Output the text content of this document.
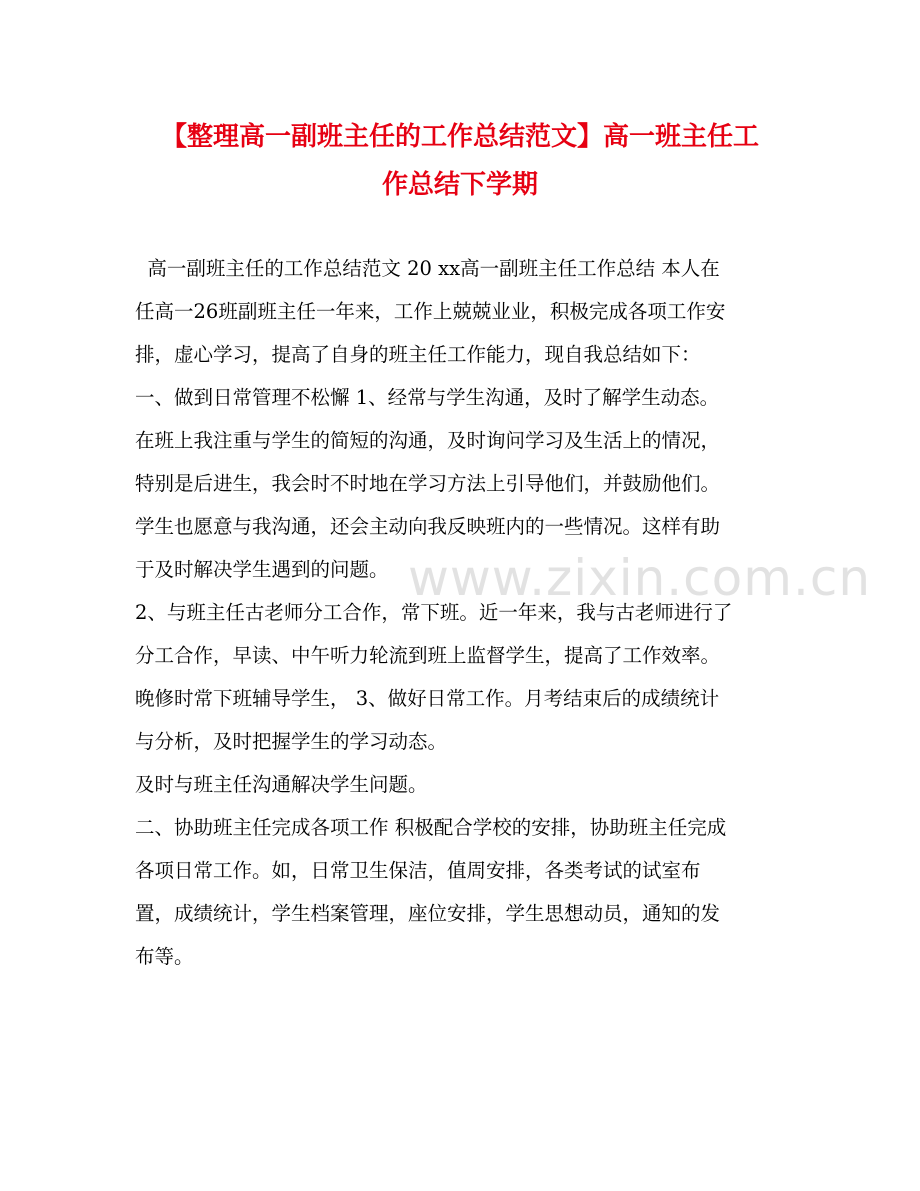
【整理高一副班主任的工作总结范文】高一班主任工
作总结下学期

高一副班主任的工作总结范文 20 xx高一副班主任工作总结 本人在

任高一26班副班主任一年来，工作上兢兢业业，积极完成各项工作安

排，虚心学习，提高了自身的班主任工作能力，现自我总结如下：

一、做到日常管理不松懈 1、经常与学生沟通，及时了解学生动态。

在班上我注重与学生的简短的沟通，及时询问学习及生活上的情况，

特别是后进生，我会时不时地在学习方法上引导他们，并鼓励他们。

学生也愿意与我沟通，还会主动向我反映班内的一些情况。这样有助

于及时解决学生遇到的问题。

2、与班主任古老师分工合作，常下班。近一年来，我与古老师进行了

分工合作，早读、中午听力轮流到班上监督学生，提高了工作效率。

晚修时常下班辅导学生， 3、做好日常工作。月考结束后的成绩统计

与分析，及时把握学生的学习动态。

及时与班主任沟通解决学生问题。

二、协助班主任完成各项工作 积极配合学校的安排，协助班主任完成

各项日常工作。如，日常卫生保洁，值周安排，各类考试的试室布

置，成绩统计，学生档案管理，座位安排，学生思想动员，通知的发

布等。

www.zixin.com.cn
